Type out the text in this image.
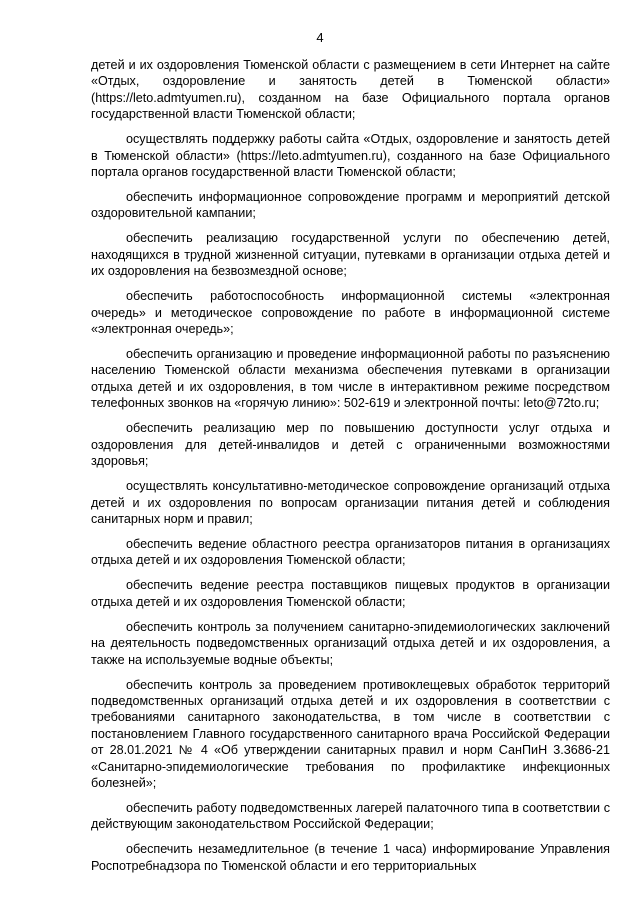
4

детей и их оздоровления Тюменской области с размещением в сети Интернет на сайте «Отдых, оздоровление и занятость детей в Тюменской области» (https://leto.admtyumen.ru), созданном на базе Официального портала органов государственной власти Тюменской области;

осуществлять поддержку работы сайта «Отдых, оздоровление и занятость детей в Тюменской области» (https://leto.admtyumen.ru), созданного на базе Официального портала органов государственной власти Тюменской области;

обеспечить информационное сопровождение программ и мероприятий детской оздоровительной кампании;

обеспечить реализацию государственной услуги по обеспечению детей, находящихся в трудной жизненной ситуации, путевками в организации отдыха детей и их оздоровления на безвозмездной основе;

обеспечить работоспособность информационной системы «электронная очередь» и методическое сопровождение по работе в информационной системе «электронная очередь»;

обеспечить организацию и проведение информационной работы по разъяснению населению Тюменской области механизма обеспечения путевками в организации отдыха детей и их оздоровления, в том числе в интерактивном режиме посредством телефонных звонков на «горячую линию»: 502-619 и электронной почты: leto@72to.ru;

обеспечить реализацию мер по повышению доступности услуг отдыха и оздоровления для детей-инвалидов и детей с ограниченными возможностями здоровья;

осуществлять консультативно-методическое сопровождение организаций отдыха детей и их оздоровления по вопросам организации питания детей и соблюдения санитарных норм и правил;

обеспечить ведение областного реестра организаторов питания в организациях отдыха детей и их оздоровления Тюменской области;

обеспечить ведение реестра поставщиков пищевых продуктов в организации отдыха детей и их оздоровления Тюменской области;

обеспечить контроль за получением санитарно-эпидемиологических заключений на деятельность подведомственных организаций отдыха детей и их оздоровления, а также на используемые водные объекты;

обеспечить контроль за проведением противоклещевых обработок территорий подведомственных организаций отдыха детей и их оздоровления в соответствии с требованиями санитарного законодательства, в том числе в соответствии с постановлением Главного государственного санитарного врача Российской Федерации от 28.01.2021 № 4 «Об утверждении санитарных правил и норм СанПиН 3.3686-21 «Санитарно-эпидемиологические требования по профилактике инфекционных болезней»;

обеспечить работу подведомственных лагерей палаточного типа в соответствии с действующим законодательством Российской Федерации;

обеспечить незамедлительное (в течение 1 часа) информирование Управления Роспотребнадзора по Тюменской области и его территориальных
